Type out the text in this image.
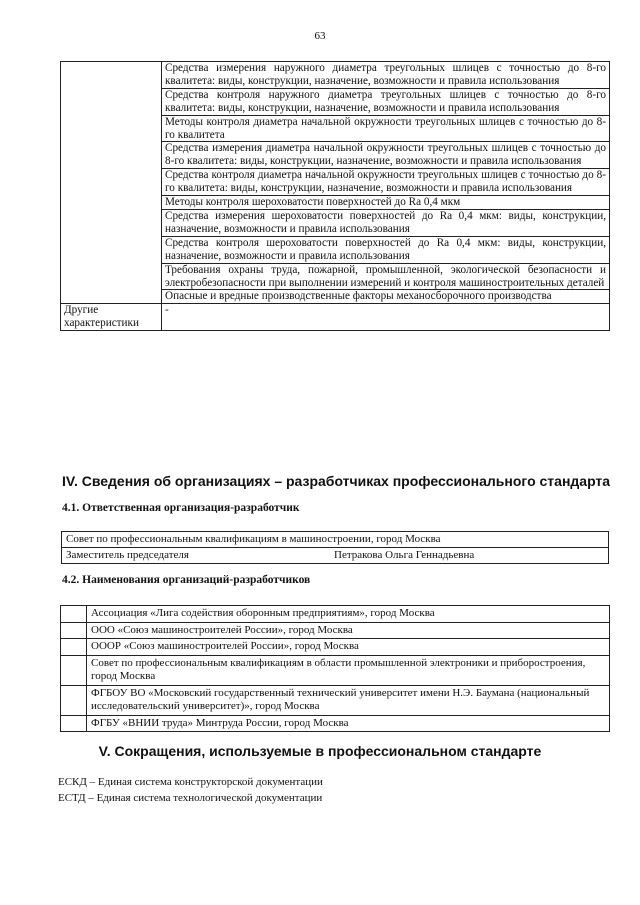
63
	Средства измерения наружного диаметра треугольных шлицев с точностью до 8-го квалитета: виды, конструкции, назначение, возможности и правила использования
	Средства контроля наружного диаметра треугольных шлицев с точностью до 8-го квалитета: виды, конструкции, назначение, возможности и правила использования
	Методы контроля диаметра начальной окружности треугольных шлицев с точностью до 8-го квалитета
	Средства измерения диаметра начальной окружности треугольных шлицев с точностью до 8-го квалитета: виды, конструкции, назначение, возможности и правила использования
	Средства контроля диаметра начальной окружности треугольных шлицев с точностью до 8-го квалитета: виды, конструкции, назначение, возможности и правила использования
	Методы контроля шероховатости поверхностей до Ra 0,4 мкм
	Средства измерения шероховатости поверхностей до Ra 0,4 мкм: виды, конструкции, назначение, возможности и правила использования
	Средства контроля шероховатости поверхностей до Ra 0,4 мкм: виды, конструкции, назначение, возможности и правила использования
	Требования охраны труда, пожарной, промышленной, экологической безопасности и электробезопасности при выполнении измерений и контроля машиностроительных деталей
	Опасные и вредные производственные факторы механосборочного производства
Другие характеристики	-
IV. Сведения об организациях – разработчиках профессионального стандарта
4.1. Ответственная организация-разработчик
Совет по профессиональным квалификациям в машиностроении, город Москва

Заместитель председателя	Петракова Ольга Геннадьевна
4.2. Наименования организаций-разработчиков
	Ассоциация «Лига содействия оборонным предприятиям», город Москва
	ООО «Союз машиностроителей России», город Москва
	ОООР «Союз машиностроителей России», город Москва
	Совет по профессиональным квалификациям в области промышленной электроники и приборостроения, город Москва
	ФГБОУ ВО «Московский государственный технический университет имени Н.Э. Баумана (национальный исследовательский университет)», город Москва
	ФГБУ «ВНИИ труда» Минтруда России, город Москва
V. Сокращения, используемые в профессиональном стандарте
ЕСКД – Единая система конструкторской документации
ЕСТД – Единая система технологической документации
